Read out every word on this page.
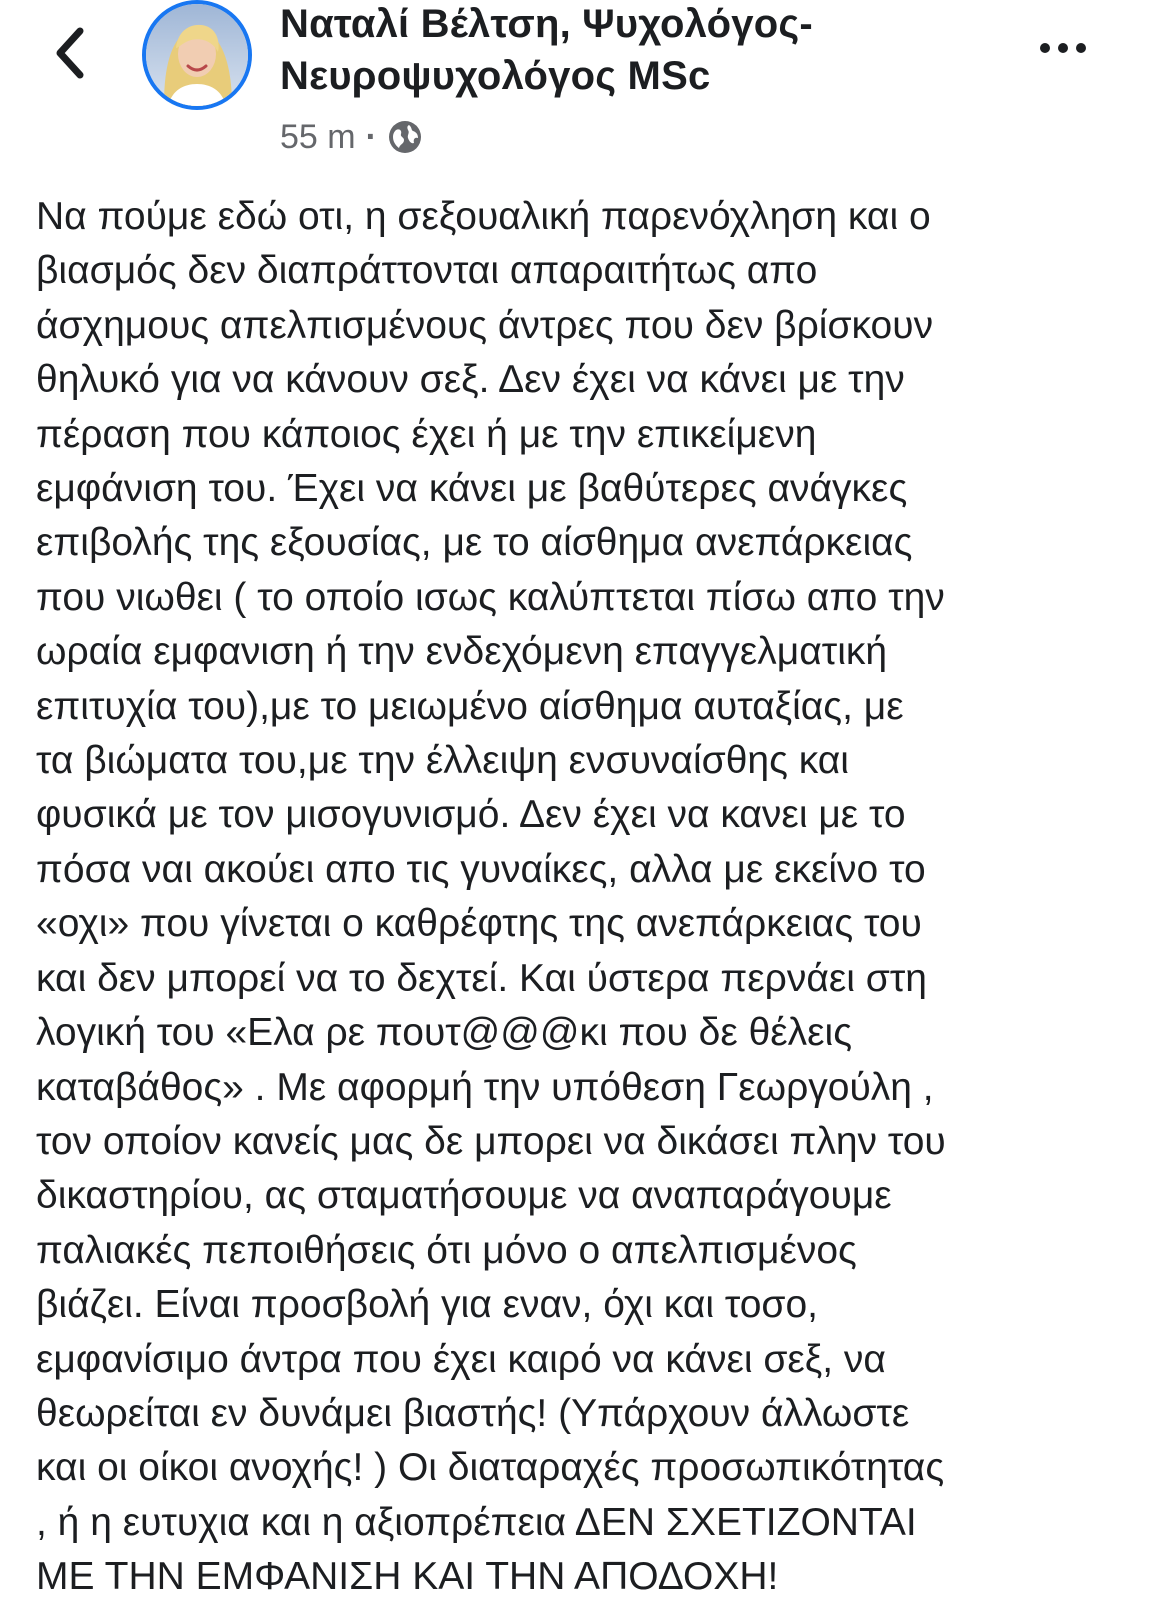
Ναταλί Βέλτση, Ψυχολόγος-
Νευροψυχολόγος MSc
55 m ·
Να πούμε εδώ οτι, η σεξουαλική παρενόχληση και ο
βιασμός δεν διαπράττονται απαραιτήτως απο
άσχημους απελπισμένους άντρες που δεν βρίσκουν
θηλυκό για να κάνουν σεξ. Δεν έχει να κάνει με την
πέραση που κάποιος έχει ή με την επικείμενη
εμφάνιση του. Έχει να κάνει με βαθύτερες ανάγκες
επιβολής της εξουσίας, με το αίσθημα ανεπάρκειας
που νιωθει ( το οποίο ισως καλύπτεται πίσω απο την
ωραία εμφανιση ή την ενδεχόμενη επαγγελματική
επιτυχία του),με το μειωμένο αίσθημα αυταξίας, με
τα βιώματα του,με την έλλειψη ενσυναίσθης και
φυσικά με τον μισογυνισμό. Δεν έχει να κανει με το
πόσα ναι ακούει απο τις γυναίκες, αλλα με εκείνο το
«οχι» που γίνεται ο καθρέφτης της ανεπάρκειας του
και δεν μπορεί να το δεχτεί. Και ύστερα περνάει στη
λογική του «Ελα ρε πουτ@@@κι που δε θέλεις
καταβάθος» . Με αφορμή την υπόθεση Γεωργούλη ,
τον οποίον κανείς μας δε μπορει να δικάσει πλην του
δικαστηρίου, ας σταματήσουμε να αναπαράγουμε
παλιακές πεποιθήσεις ότι μόνο ο απελπισμένος
βιάζει. Είναι προσβολή για εναν, όχι και τοσο,
εμφανίσιμο άντρα που έχει καιρό να κάνει σεξ, να
θεωρείται εν δυνάμει βιαστής! (Υπάρχουν άλλωστε
και οι οίκοι ανοχής! ) Οι διαταραχές προσωπικότητας
, ή η ευτυχια και η αξιοπρέπεια ΔΕΝ ΣΧΕΤΙΖΟΝΤΑΙ
ΜΕ ΤΗΝ ΕΜΦΑΝΙΣΗ ΚΑΙ ΤΗΝ ΑΠΟΔΟΧΗ!
